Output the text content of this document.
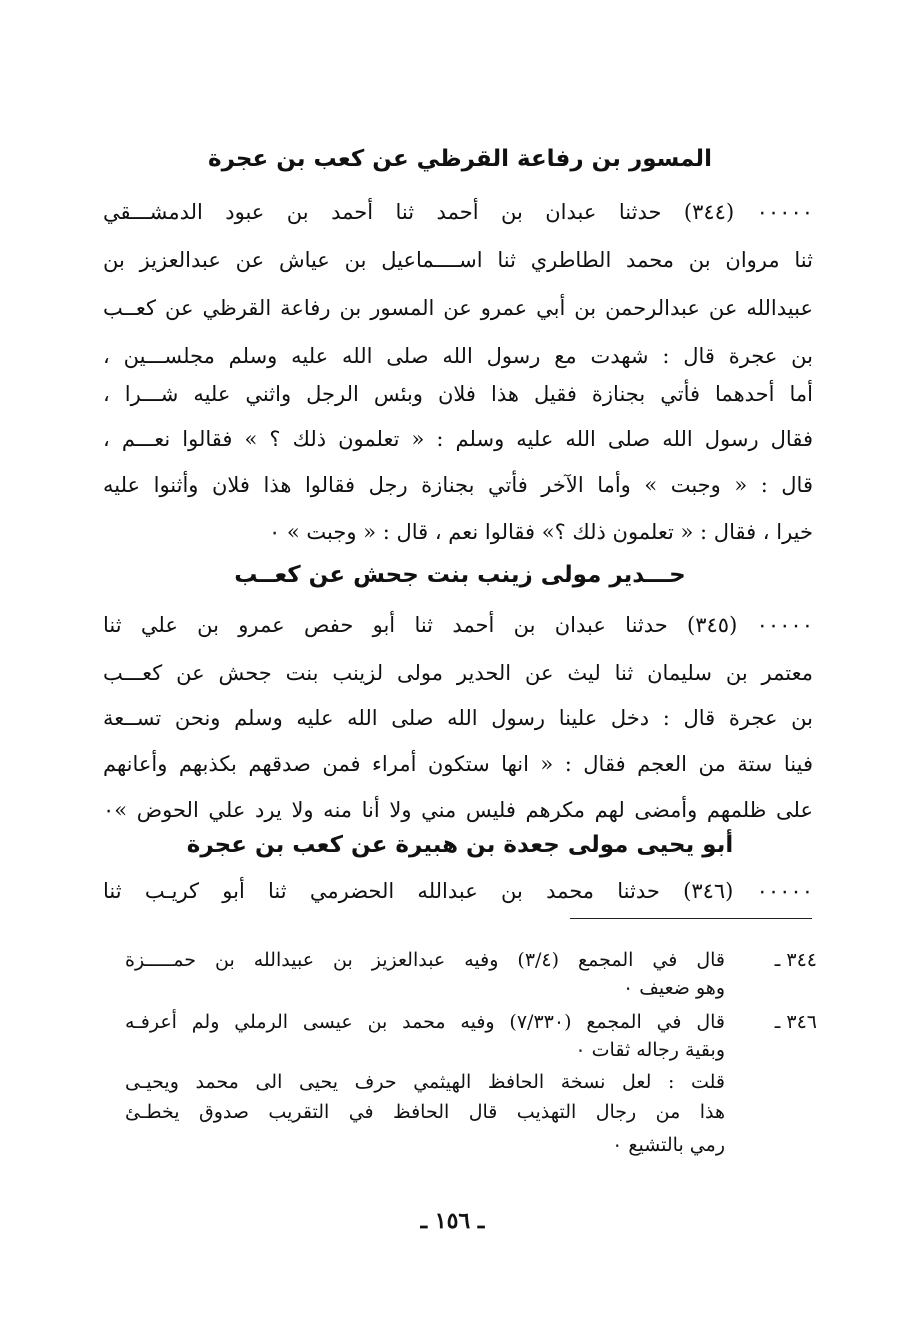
المسور بن رفاعة القرظي عن كعب بن عجرة
٠٠٠٠٠ (٣٤٤) حدثنا عبدان بن أحمد ثنا أحمد بن عبود الدمشـــقي
ثنا مروان بن محمد الطاطري ثنا اســــماعيل بن عياش عن عبدالعزيز بن
عبيدالله عن عبدالرحمن بن أبي عمرو عن المسور بن رفاعة القرظي عن كعــب
بن عجرة قال : شهدت مع رسول الله صلى الله عليه وسلم مجلســـين ،
أما أحدهما فأتي بجنازة فقيل هذا فلان وبئس الرجل واثني عليه شـــرا ،
فقال رسول الله صلى الله عليه وسلم : « تعلمون ذلك ؟ » فقالوا نعـــم ،
قال : « وجبت » وأما الآخر فأتي بجنازة رجل فقالوا هذا فلان وأثنوا عليه
خيرا ، فقال : « تعلمون ذلك ؟» فقالوا نعم ، قال : « وجبت » ٠
حـــدير مولى زينب بنت جحش عن كعــب
٠٠٠٠٠ (٣٤٥) حدثنا عبدان بن أحمد ثنا أبو حفص عمرو بن علي ثنا
معتمر بن سليمان ثنا ليث عن الحدير مولى لزينب بنت جحش عن كعـــب
بن عجرة قال : دخل علينا رسول الله صلى الله عليه وسلم ونحن تســعة
فينا ستة من العجم فقال : « انها ستكون أمراء فمن صدقهم بكذبهم وأعانهم
على ظلمهم وأمضى لهم مكرهم فليس مني ولا أنا منه ولا يرد علي الحوض »٠
أبو يحيى مولى جعدة بن هبيرة عن كعب بن عجرة
٠٠٠٠٠ (٣٤٦) حدثنا محمد بن عبدالله الحضرمي ثنا أبو كريـب ثنا
٣٤٤ ـ
قال في المجمع (٣/٤) وفيه عبدالعزيز بن عبيدالله بن حمـــــزة
وهو ضعيف ٠
٣٤٦ ـ
قال في المجمع (٧/٣٣٠) وفيه محمد بن عيسى الرملي ولم أعرفـه
وبقية رجاله ثقات ٠
قلت : لعل نسخة الحافظ الهيثمي حرف يحيى الى محمد ويحيـى
هذا من رجال التهذيب قال الحافظ في التقريب صدوق يخطـئ
رمي بالتشيع ٠
ـ ١٥٦ ـ
